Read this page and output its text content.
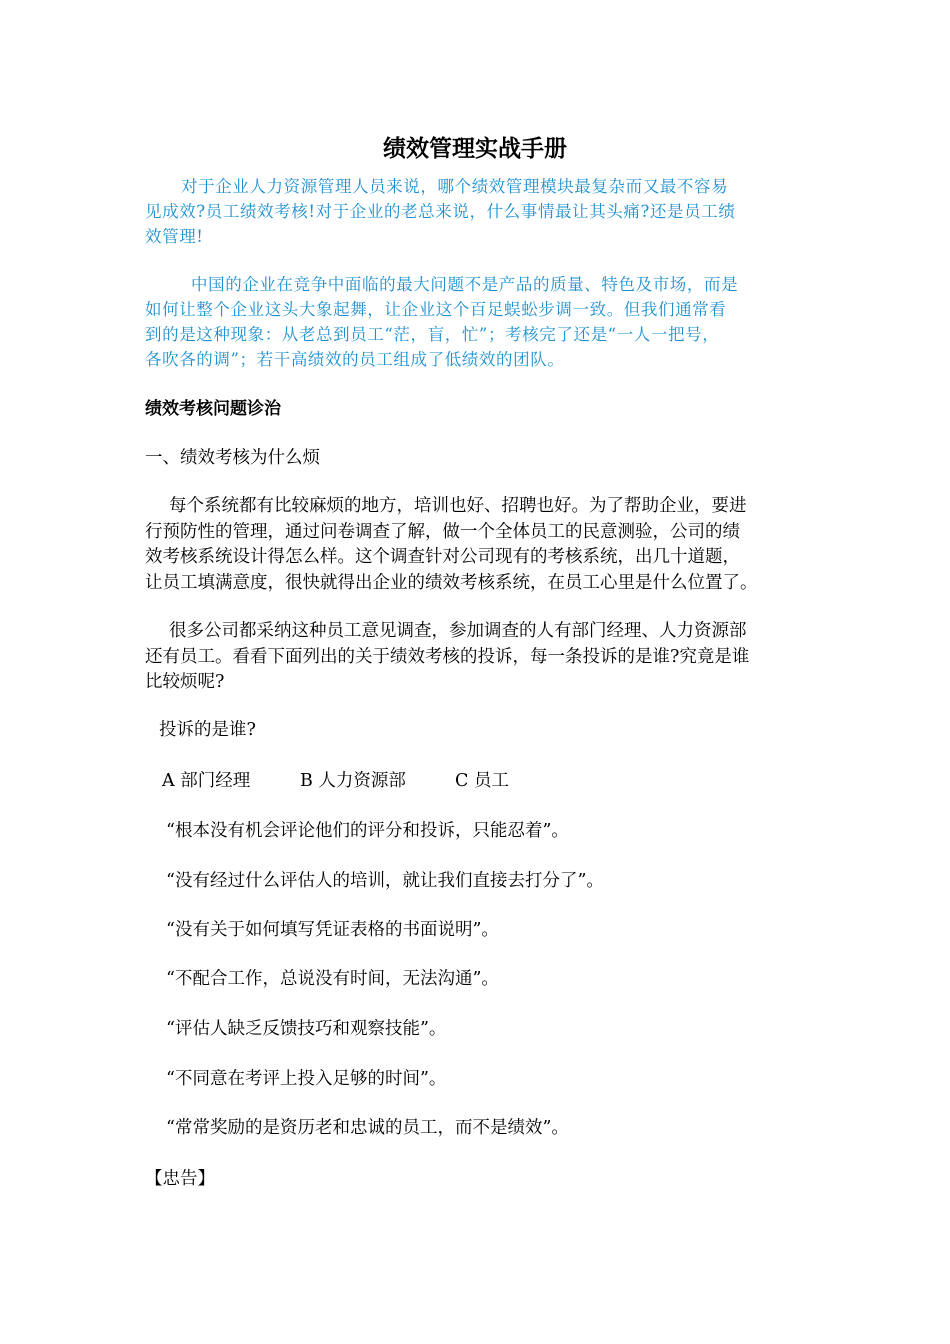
绩效管理实战手册
对于企业人力资源管理人员来说，哪个绩效管理模块最复杂而又最不容易
见成效?员工绩效考核!对于企业的老总来说，什么事情最让其头痛?还是员工绩
效管理!
中国的企业在竞争中面临的最大问题不是产品的质量、特色及市场，而是
如何让整个企业这头大象起舞，让企业这个百足蜈蚣步调一致。但我们通常看
到的是这种现象：从老总到员工“茫，盲，忙”；考核完了还是“一人一把号，
各吹各的调”；若干高绩效的员工组成了低绩效的团队。
绩效考核问题诊治
一、绩效考核为什么烦
每个系统都有比较麻烦的地方，培训也好、招聘也好。为了帮助企业，要进
行预防性的管理，通过问卷调查了解，做一个全体员工的民意测验，公司的绩
效考核系统设计得怎么样。这个调查针对公司现有的考核系统，出几十道题，
让员工填满意度，很快就得出企业的绩效考核系统，在员工心里是什么位置了。
很多公司都采纳这种员工意见调查，参加调查的人有部门经理、人力资源部
还有员工。看看下面列出的关于绩效考核的投诉，每一条投诉的是谁?究竟是谁
比较烦呢?
投诉的是谁?
A 部门经理	B 人力资源部	C 员工
“根本没有机会评论他们的评分和投诉，只能忍着”。
“没有经过什么评估人的培训，就让我们直接去打分了”。
“没有关于如何填写凭证表格的书面说明”。
“不配合工作，总说没有时间，无法沟通”。
“评估人缺乏反馈技巧和观察技能”。
“不同意在考评上投入足够的时间”。
“常常奖励的是资历老和忠诚的员工，而不是绩效”。
【忠告】
